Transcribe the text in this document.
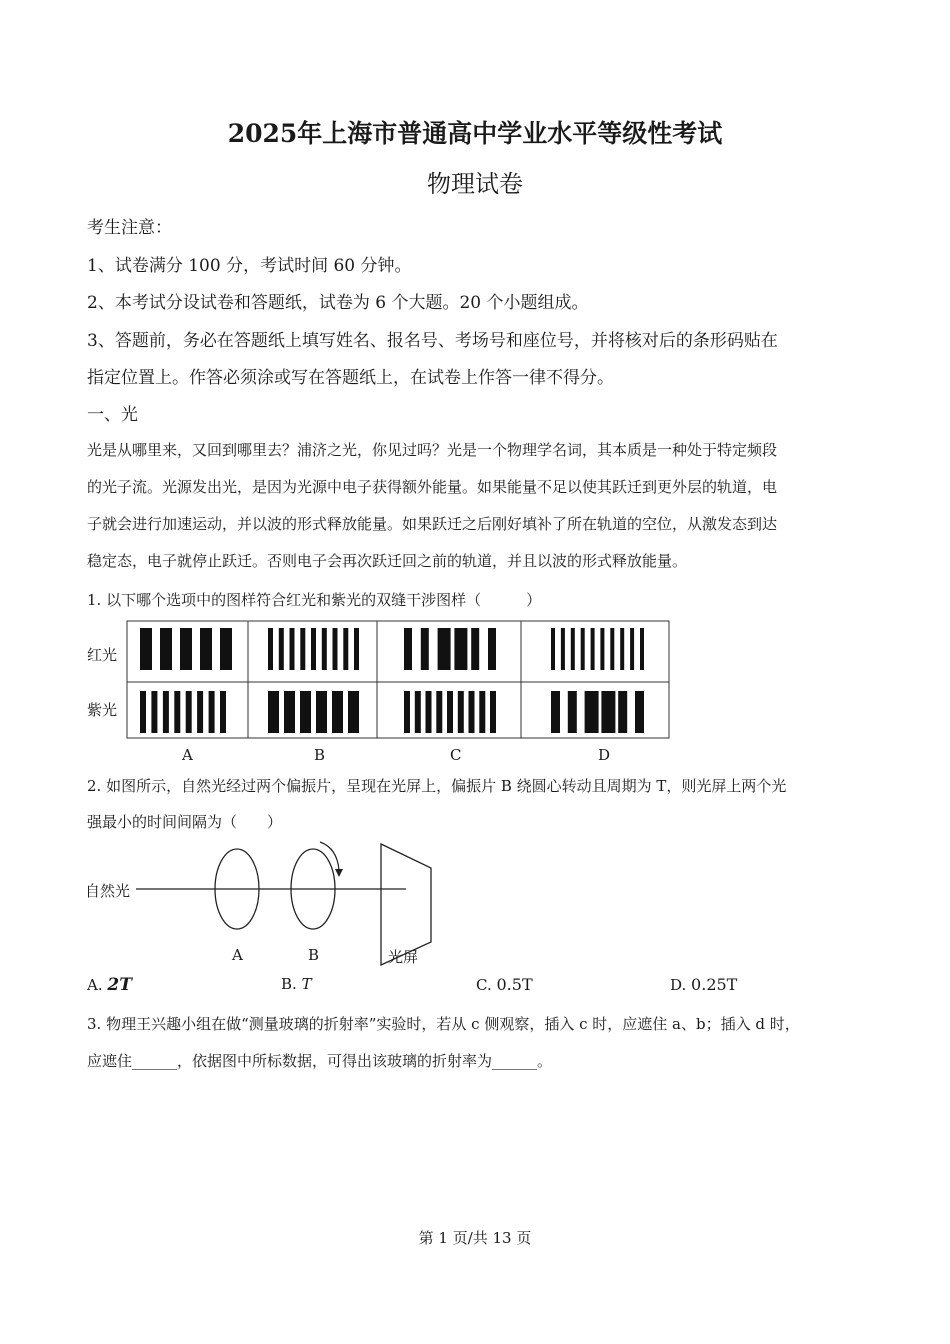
2025年上海市普通高中学业水平等级性考试
物理试卷
考生注意：
1、试卷满分 100 分，考试时间 60 分钟。
2、本考试分设试卷和答题纸，试卷为 6 个大题。20 个小题组成。
3、答题前，务必在答题纸上填写姓名、报名号、考场号和座位号，并将核对后的条形码贴在
指定位置上。作答必须涂或写在答题纸上，在试卷上作答一律不得分。
一、光
光是从哪里来，又回到哪里去？浦济之光，你见过吗？光是一个物理学名词，其本质是一种处于特定频段
的光子流。光源发出光，是因为光源中电子获得额外能量。如果能量不足以使其跃迁到更外层的轨道，电
子就会进行加速运动，并以波的形式释放能量。如果跃迁之后刚好填补了所在轨道的空位，从激发态到达
稳定态，电子就停止跃迁。否则电子会再次跃迁回之前的轨道，并且以波的形式释放能量。
1. 以下哪个选项中的图样符合红光和紫光的双缝干涉图样（　　　）
红光
紫光
A	B	C	D
2. 如图所示，自然光经过两个偏振片，呈现在光屏上，偏振片 B 绕圆心转动且周期为 T，则光屏上两个光
强最小的时间间隔为（　　）
自然光
A	B	光屏
A. 2T	B. T	C. 0.5T	D. 0.25T
3. 物理王兴趣小组在做“测量玻璃的折射率”实验时，若从 c 侧观察，插入 c 时，应遮住 a、b；插入 d 时，
应遮住______，依据图中所标数据，可得出该玻璃的折射率为______。
第 1 页/共 13 页
